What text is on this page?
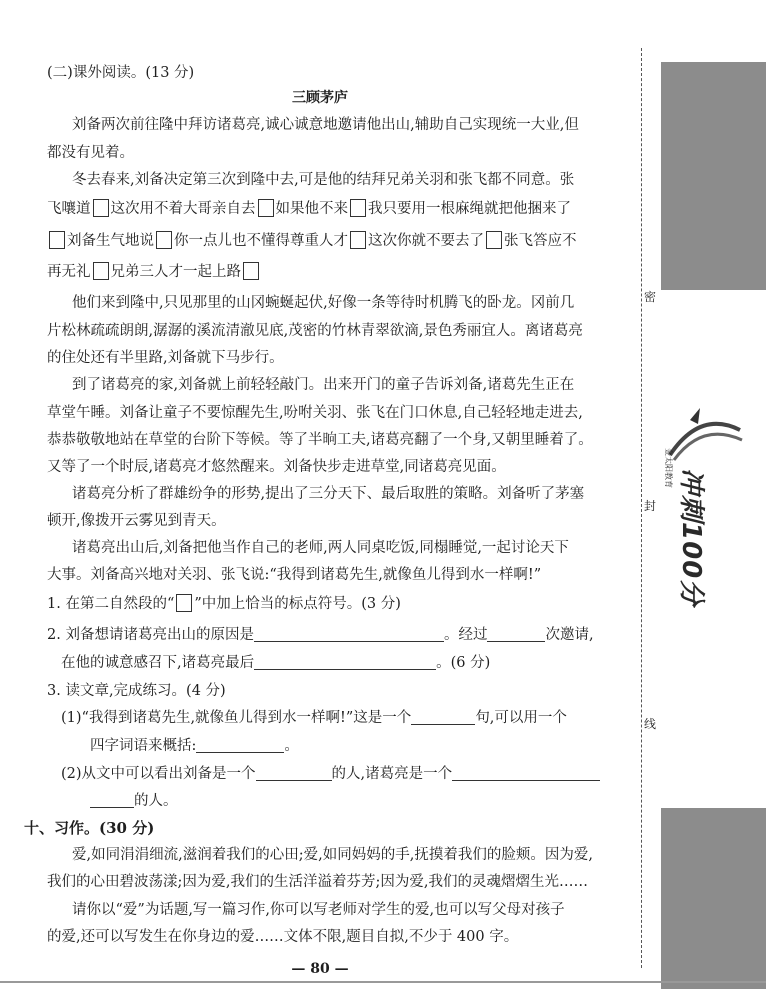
(二)课外阅读。(13 分)
三顾茅庐
刘备两次前往隆中拜访诸葛亮,诚心诚意地邀请他出山,辅助自己实现统一大业,但
都没有见着。
冬去春来,刘备决定第三次到隆中去,可是他的结拜兄弟关羽和张飞都不同意。张
飞嚷道 这次用不着大哥亲自去 如果他不来 我只要用一根麻绳就把他捆来了
刘备生气地说 你一点儿也不懂得尊重人才 这次你就不要去了 张飞答应不
再无礼 兄弟三人才一起上路
他们来到隆中,只见那里的山冈蜿蜒起伏,好像一条等待时机腾飞的卧龙。冈前几
片松林疏疏朗朗,潺潺的溪流清澈见底,茂密的竹林青翠欲滴,景色秀丽宜人。离诸葛亮
的住处还有半里路,刘备就下马步行。
到了诸葛亮的家,刘备就上前轻轻敲门。出来开门的童子告诉刘备,诸葛先生正在
草堂午睡。刘备让童子不要惊醒先生,吩咐关羽、张飞在门口休息,自己轻轻地走进去,
恭恭敬敬地站在草堂的台阶下等候。等了半晌工夫,诸葛亮翻了一个身,又朝里睡着了。
又等了一个时辰,诸葛亮才悠然醒来。刘备快步走进草堂,同诸葛亮见面。
诸葛亮分析了群雄纷争的形势,提出了三分天下、最后取胜的策略。刘备听了茅塞
顿开,像拨开云雾见到青天。
诸葛亮出山后,刘备把他当作自己的老师,两人同桌吃饭,同榻睡觉,一起讨论天下
大事。刘备高兴地对关羽、张飞说:“我得到诸葛先生,就像鱼儿得到水一样啊!”
1. 在第二自然段的“ ”中加上恰当的标点符号。(3 分)
2. 刘备想请诸葛亮出山的原因是	。经过	次邀请,
在他的诚意感召下,诸葛亮最后	。(6 分)
3. 读文章,完成练习。(4 分)
(1)“我得到诸葛先生,就像鱼儿得到水一样啊!”这是一个	句,可以用一个
四字词语来概括:	。
(2)从文中可以看出刘备是一个	的人,诸葛亮是一个
的人。
十、习作。(30 分)
爱,如同涓涓细流,滋润着我们的心田;爱,如同妈妈的手,抚摸着我们的脸颊。因为爱,
我们的心田碧波荡漾;因为爱,我们的生活洋溢着芬芳;因为爱,我们的灵魂熠熠生光……
请你以“爱”为话题,写一篇习作,你可以写老师对学生的爱,也可以写父母对孩子
的爱,还可以写发生在你身边的爱……文体不限,题目自拟,不少于 400 字。
— 80 —
密
封
线
金太阳教育 冲刺100分
